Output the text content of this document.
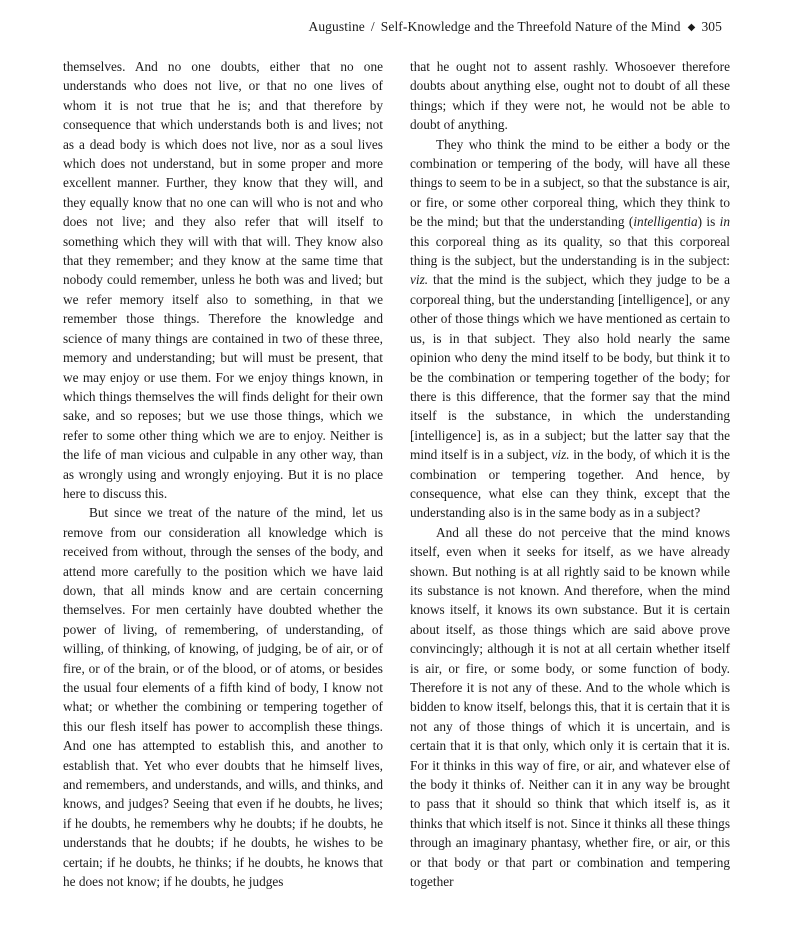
Augustine / Self-Knowledge and the Threefold Nature of the Mind ◆ 305

themselves. And no one doubts, either that no one understands who does not live, or that no one lives of whom it is not true that he is; and that therefore by consequence that which understands both is and lives; not as a dead body is which does not live, nor as a soul lives which does not understand, but in some proper and more excellent manner. Further, they know that they will, and they equally know that no one can will who is not and who does not live; and they also refer that will itself to something which they will with that will. They know also that they remember; and they know at the same time that nobody could remember, unless he both was and lived; but we refer memory itself also to something, in that we remember those things. Therefore the knowledge and science of many things are contained in two of these three, memory and understanding; but will must be present, that we may enjoy or use them. For we enjoy things known, in which things themselves the will finds delight for their own sake, and so reposes; but we use those things, which we refer to some other thing which we are to enjoy. Neither is the life of man vicious and culpable in any other way, than as wrongly using and wrongly enjoying. But it is no place here to discuss this.

But since we treat of the nature of the mind, let us remove from our consideration all knowledge which is received from without, through the senses of the body, and attend more carefully to the position which we have laid down, that all minds know and are certain concerning themselves. For men certainly have doubted whether the power of living, of remembering, of understanding, of willing, of thinking, of knowing, of judging, be of air, or of fire, or of the brain, or of the blood, or of atoms, or besides the usual four elements of a fifth kind of body, I know not what; or whether the combining or tempering together of this our flesh itself has power to accomplish these things. And one has attempted to establish this, and another to establish that. Yet who ever doubts that he himself lives, and remembers, and understands, and wills, and thinks, and knows, and judges? Seeing that even if he doubts, he lives; if he doubts, he remembers why he doubts; if he doubts, he understands that he doubts; if he doubts, he wishes to be certain; if he doubts, he thinks; if he doubts, he knows that he does not know; if he doubts, he judges

that he ought not to assent rashly. Whosoever therefore doubts about anything else, ought not to doubt of all these things; which if they were not, he would not be able to doubt of anything.

They who think the mind to be either a body or the combination or tempering of the body, will have all these things to seem to be in a subject, so that the substance is air, or fire, or some other corporeal thing, which they think to be the mind; but that the understanding (intelligentia) is in this corporeal thing as its quality, so that this corporeal thing is the subject, but the understanding is in the subject: viz. that the mind is the subject, which they judge to be a corporeal thing, but the understanding [intelligence], or any other of those things which we have mentioned as certain to us, is in that subject. They also hold nearly the same opinion who deny the mind itself to be body, but think it to be the combination or tempering together of the body; for there is this difference, that the former say that the mind itself is the substance, in which the understanding [intelligence] is, as in a subject; but the latter say that the mind itself is in a subject, viz. in the body, of which it is the combination or tempering together. And hence, by consequence, what else can they think, except that the understanding also is in the same body as in a subject?

And all these do not perceive that the mind knows itself, even when it seeks for itself, as we have already shown. But nothing is at all rightly said to be known while its substance is not known. And therefore, when the mind knows itself, it knows its own substance. But it is certain about itself, as those things which are said above prove convincingly; although it is not at all certain whether itself is air, or fire, or some body, or some function of body. Therefore it is not any of these. And to the whole which is bidden to know itself, belongs this, that it is certain that it is not any of those things of which it is uncertain, and is certain that it is that only, which only it is certain that it is. For it thinks in this way of fire, or air, and whatever else of the body it thinks of. Neither can it in any way be brought to pass that it should so think that which itself is, as it thinks that which itself is not. Since it thinks all these things through an imaginary phantasy, whether fire, or air, or this or that body or that part or combination and tempering together
